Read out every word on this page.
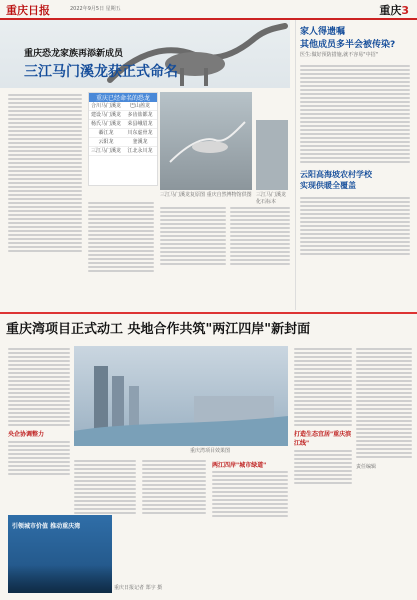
重庆日报	2022年9月5日 星期五	重庆3
重庆恐龙家族再添新成员
三江马门溪龙获正式命名
重庆已经命名的恐龙
合川马门溪龙	巴山酋龙
建设马门溪龙	多齿盐都龙
杨氏马门溪龙	荣县峨眉龙
綦江龙	川东虚骨龙
云阳龙	釜溪龙
三江马门溪龙	江北永川龙
三江马门溪龙复原图 重庆自然博物馆供图 三江马门溪龙化石标本
家人得遗嘱
其他成员多半会被传染?
医生:做好预防措施,就不容易"中招"
云阳高海坡农村学校
实现供暖全覆盖
重庆湾项目正式动工 央地合作共筑"两江四岸"新封面
央企协调整力
重庆湾项目效果图
两江四岸"城市绿道"
打造生态宜居"重庆滨江线"
责任编辑
引领城市价值 推动重庆湾
重庆日报记者 郑宇 摄
